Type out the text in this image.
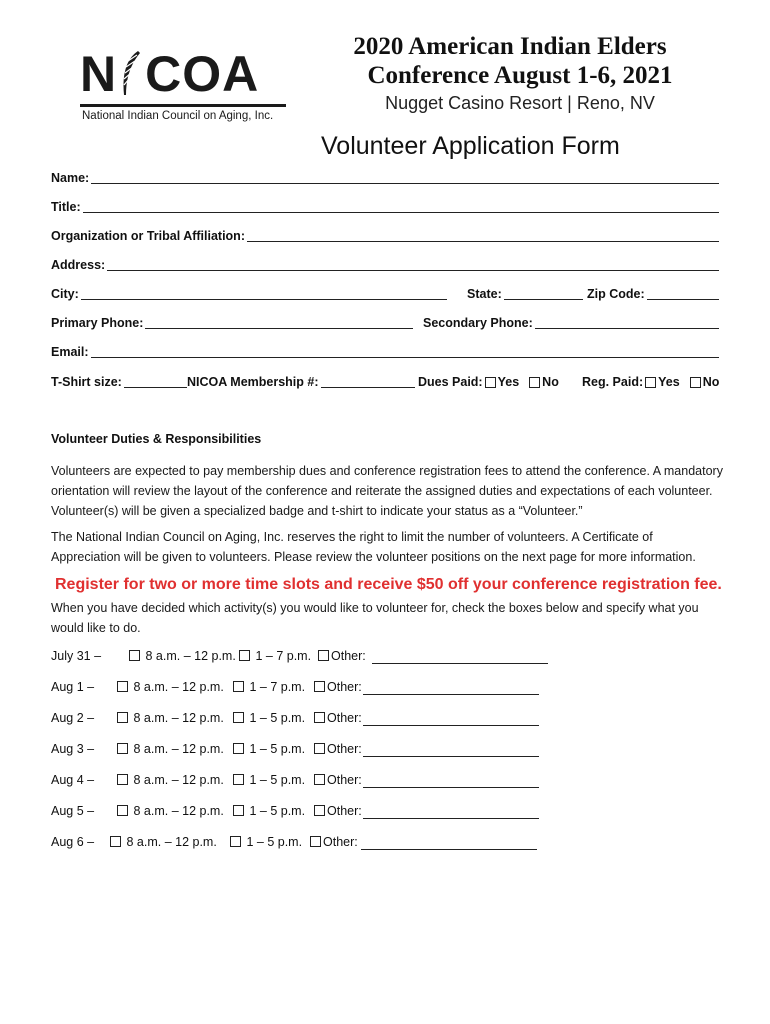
N COA
National Indian Council on Aging, Inc.
2020 American Indian Elders
Conference August 1-6, 2021
Nugget Casino Resort | Reno, NV
Volunteer Application Form
Name:
Title:
Organization or Tribal Affiliation:
Address:
City:	State:	Zip Code:
Primary Phone:	Secondary Phone:
Email:
T-Shirt size:	NICOA Membership #:	Dues Paid: Yes No Reg. Paid: Yes No
Volunteer Duties & Responsibilities
Volunteers are expected to pay membership dues and conference registration fees to attend the conference. A mandatory orientation will review the layout of the conference and reiterate the assigned duties and expectations of each volunteer. Volunteer(s) will be given a specialized badge and t-shirt to indicate your status as a “Volunteer.”
The National Indian Council on Aging, Inc. reserves the right to limit the number of volunteers. A Certificate of Appreciation will be given to volunteers. Please review the volunteer positions on the next page for more information.
Register for two or more time slots and receive $50 off your conference registration fee.
When you have decided which activity(s) you would like to volunteer for, check the boxes below and specify what you would like to do.
July 31 –	8 a.m. – 12 p.m.	1 – 7 p.m.	Other:
Aug 1 –	8 a.m. – 12 p.m.	1 – 7 p.m.	Other:
Aug 2 –	8 a.m. – 12 p.m.	1 – 5 p.m.	Other:
Aug 3 –	8 a.m. – 12 p.m.	1 – 5 p.m.	Other:
Aug 4 –	8 a.m. – 12 p.m.	1 – 5 p.m.	Other:
Aug 5 –	8 a.m. – 12 p.m.	1 – 5 p.m.	Other:
Aug 6 –	8 a.m. – 12 p.m.	1 – 5 p.m.	Other:
